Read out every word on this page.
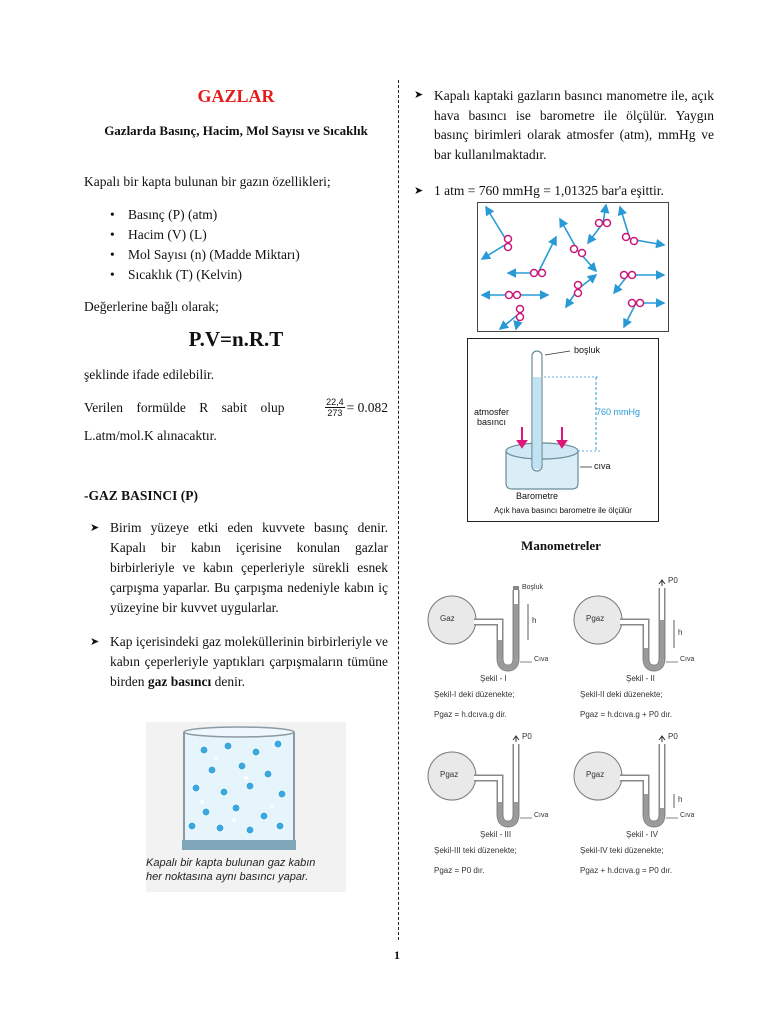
GAZLAR
Gazlarda Basınç, Hacim, Mol Sayısı ve Sıcaklık
Kapalı bir kapta bulunan bir gazın özellikleri;
• Basınç (P) (atm)
• Hacim (V) (L)
• Mol Sayısı (n) (Madde Miktarı)
• Sıcaklık (T) (Kelvin)
Değerlerine bağlı olarak;
P.V=n.R.T
şeklinde ifade edilebilir.
Verilen formülde R sabit olup	$\frac{22,4}{273} = 0.082$
L.atm/mol.K alınacaktır.
-GAZ BASINCI (P)
➤ Birim yüzeye etki eden kuvvete basınç denir. Kapalı bir kabın içerisine konulan gazlar birbirleriyle ve kabın çeperleriyle sürekli esnek çarpışma yaparlar. Bu çarpışma nedeniyle kabın iç yüzeyine bir kuvvet uygularlar.
➤ Kap içerisindeki gaz moleküllerinin birbirleriyle ve kabın çeperleriyle yaptıkları çarpışmaların tümüne birden gaz basıncı denir.
Kapalı bir kapta bulunan gaz kabın
her noktasına aynı basıncı yapar.
➤ Kapalı kaptaki gazların basıncı manometre ile, açık hava basıncı ise barometre ile ölçülür. Yaygın basınç birimleri olarak atmosfer (atm), mmHg ve bar kullanılmaktadır.
➤ 1 atm = 760 mmHg = 1,01325 bar'a eşittir.
boşluk
atmosfer
basıncı
760 mmHg
cıva
Barometre
Açık hava basıncı barometre ile ölçülür
Manometreler
Gaz
Boşluk
h
Cıva
Şekil - I
Şekil-I deki düzenekte;
Pgaz = h.dcıva.g dir.
Pgaz
P0
h
Cıva
Şekil - II
Şekil-II deki düzenekte;
Pgaz = h.dcıva.g + P0 dır.
Pgaz
P0
Cıva
Şekil - III
Şekil-III teki düzenekte;
Pgaz = P0 dır.
Pgaz
P0
h
Cıva
Şekil - IV
Şekil-IV teki düzenekte;
Pgaz + h.dcıva.g = P0 dır.
1
